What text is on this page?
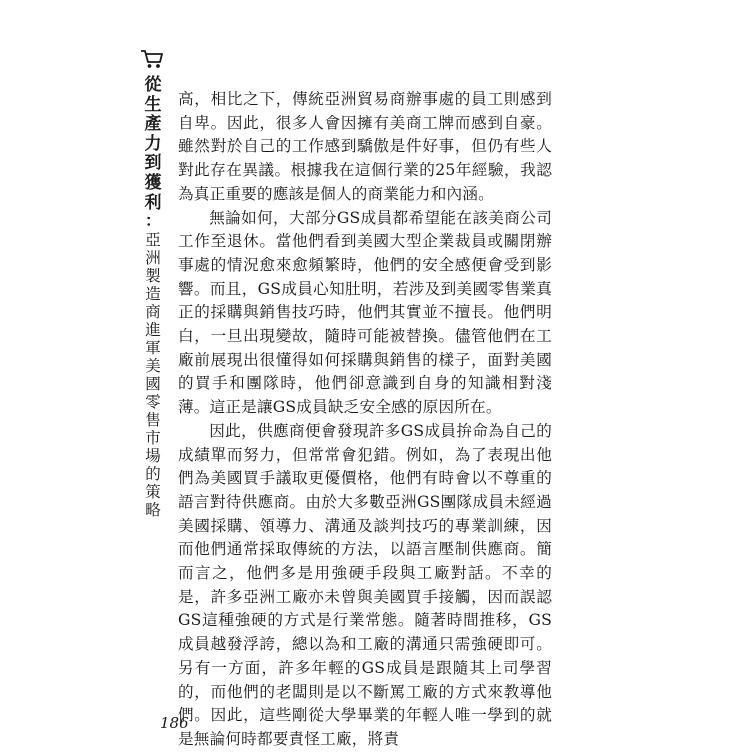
從
生
產
力
到
獲
利
：
亞
洲
製
造
商
進
軍
美
國
零
售
市
場
的
策
略

高，相比之下，傳統亞洲貿易商辦事處的員工則感到自卑。因此，很多人會因擁有美商工牌而感到自豪。雖然對於自己的工作感到驕傲是件好事，但仍有些人對此存在異議。根據我在這個行業的25年經驗，我認為真正重要的應該是個人的商業能力和內涵。

無論如何，大部分GS成員都希望能在該美商公司工作至退休。當他們看到美國大型企業裁員或關閉辦事處的情況愈來愈頻繁時，他們的安全感便會受到影響。而且，GS成員心知肚明，若涉及到美國零售業真正的採購與銷售技巧時，他們其實並不擅長。他們明白，一旦出現變故，隨時可能被替換。儘管他們在工廠前展現出很懂得如何採購與銷售的樣子，面對美國的買手和團隊時，他們卻意識到自身的知識相對淺薄。這正是讓GS成員缺乏安全感的原因所在。

因此，供應商便會發現許多GS成員拚命為自己的成績單而努力，但常常會犯錯。例如，為了表現出他們為美國買手議取更優價格，他們有時會以不尊重的語言對待供應商。由於大多數亞洲GS團隊成員未經過美國採購、領導力、溝通及談判技巧的專業訓練，因而他們通常採取傳統的方法，以語言壓制供應商。簡而言之，他們多是用強硬手段與工廠對話。不幸的是，許多亞洲工廠亦未曾與美國買手接觸，因而誤認GS這種強硬的方式是行業常態。隨著時間推移，GS成員越發浮誇，總以為和工廠的溝通只需強硬即可。另有一方面，許多年輕的GS成員是跟隨其上司學習的，而他們的老闆則是以不斷罵工廠的方式來教導他們。因此，這些剛從大學畢業的年輕人唯一學到的就是無論何時都要責怪工廠，將責

186
